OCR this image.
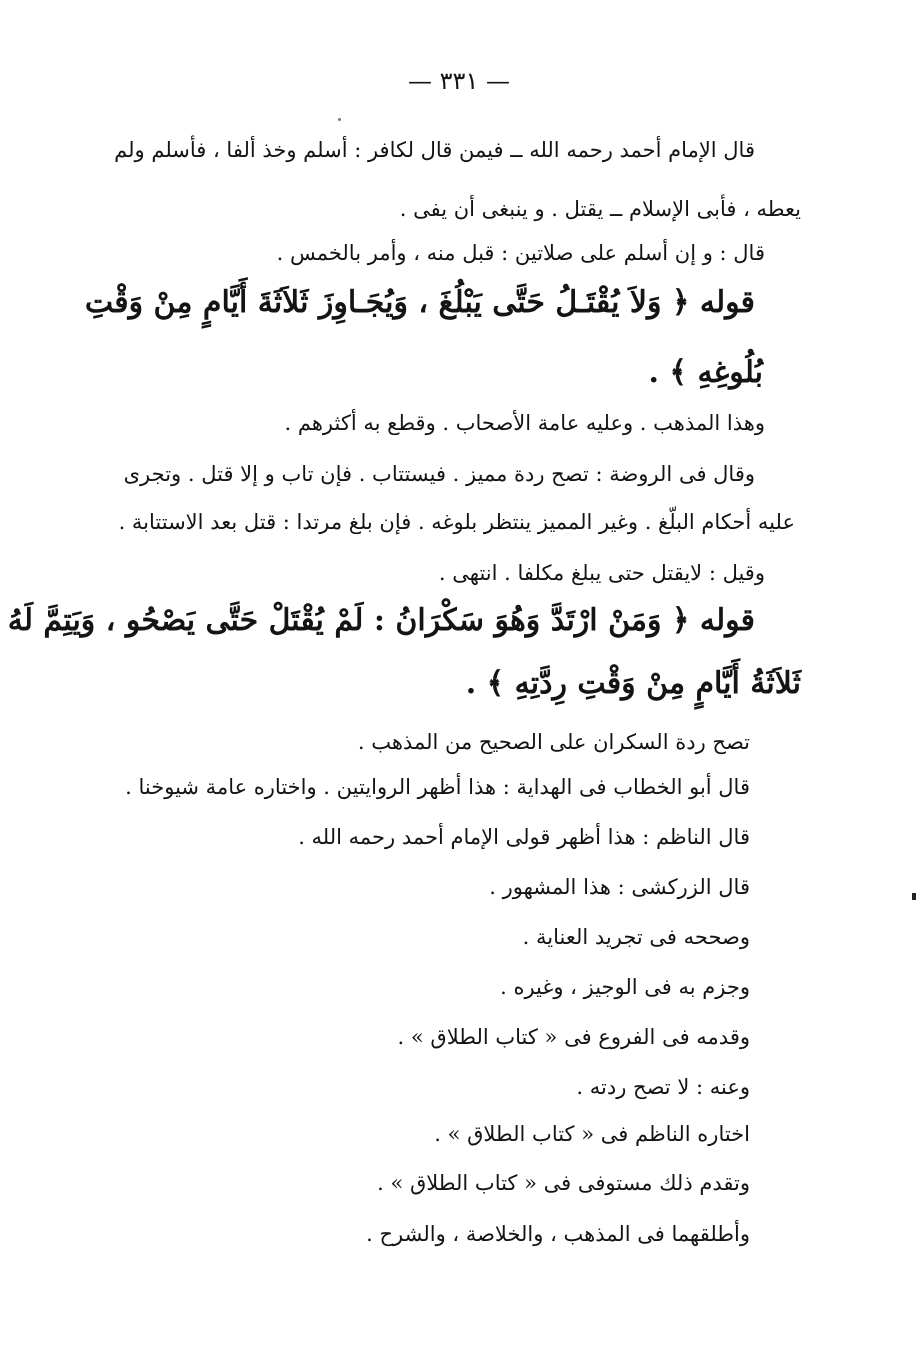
— ٣٣١ —
قال الإمام أحمد رحمه الله ــ فيمن قال لكافر : أسلم وخذ ألفا ، فأسلم ولم
يعطه ، فأبى الإسلام ــ يقتل . و ينبغى أن يفى .
قال : و إن أسلم على صلاتين : قبل منه ، وأمر بالخمس .
قوله ﴿ وَلاَ يُقْتَـلُ حَتَّى يَبْلُغَ ، وَيُجَـاوِزَ ثَلاَثَةَ أَيَّامٍ مِنْ وَقْتِ
بُلُوغِهِ ﴾ .
وهذا المذهب . وعليه عامة الأصحاب . وقطع به أكثرهم .
وقال فى الروضة : تصح ردة مميز . فيستتاب . فإن تاب و إلا قتل . وتجرى
عليه أحكام البلّغ . وغير المميز ينتظر بلوغه . فإن بلغ مرتدا : قتل بعد الاستتابة .
وقيل : لايقتل حتى يبلغ مكلفا . انتهى .
قوله ﴿ وَمَنْ ارْتَدَّ وَهُوَ سَكْرَانُ : لَمْ يُقْتَلْ حَتَّى يَصْحُو ، وَيَتِمَّ لَهُ
ثَلاَثَةُ أَيَّامٍ مِنْ وَقْتِ رِدَّتِهِ ﴾ .
تصح ردة السكران على الصحيح من المذهب .
قال أبو الخطاب فى الهداية : هذا أظهر الروايتين . واختاره عامة شيوخنا .
قال الناظم : هذا أظهر قولى الإمام أحمد رحمه الله .
قال الزركشى : هذا المشهور .
وصححه فى تجريد العناية .
وجزم به فى الوجيز ، وغيره .
وقدمه فى الفروع فى « كتاب الطلاق » .
وعنه : لا تصح ردته .
اختاره الناظم فى « كتاب الطلاق » .
وتقدم ذلك مستوفى فى « كتاب الطلاق » .
وأطلقهما فى المذهب ، والخلاصة ، والشرح .
